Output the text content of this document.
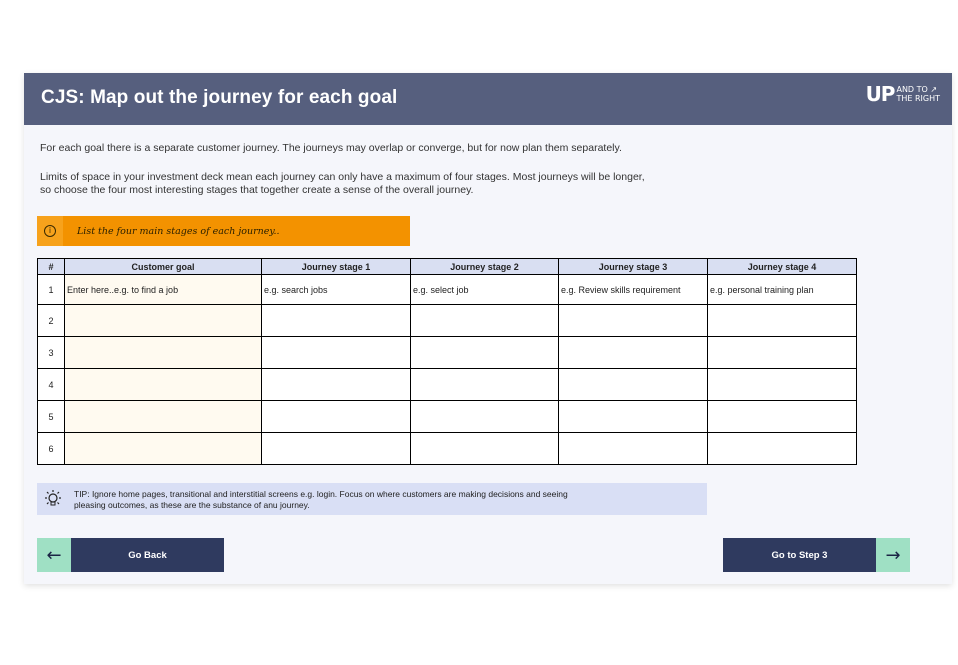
CJS: Map out the journey for each goal	UP AND TO ↗
THE RIGHT
For each goal there is a separate customer journey. The journeys may overlap or converge, but for now plan them separately.
Limits of space in your investment deck mean each journey can only have a maximum of four stages. Most journeys will be longer,
so choose the four most interesting stages that together create a sense of the overall journey.
i	List the four main stages of each journey..
#	Customer goal	Journey stage 1	Journey stage 2	Journey stage 3	Journey stage 4
1	Enter here..e.g. to find a job	e.g. search jobs	e.g. select job	e.g. Review skills requirement	e.g. personal training plan
2					
3					
4					
5					
6					
TIP: Ignore home pages, transitional and interstitial screens e.g. login. Focus on where customers are making decisions and seeing
pleasing outcomes, as these are the substance of anu journey.
←	Go Back	Go to Step 3	→
